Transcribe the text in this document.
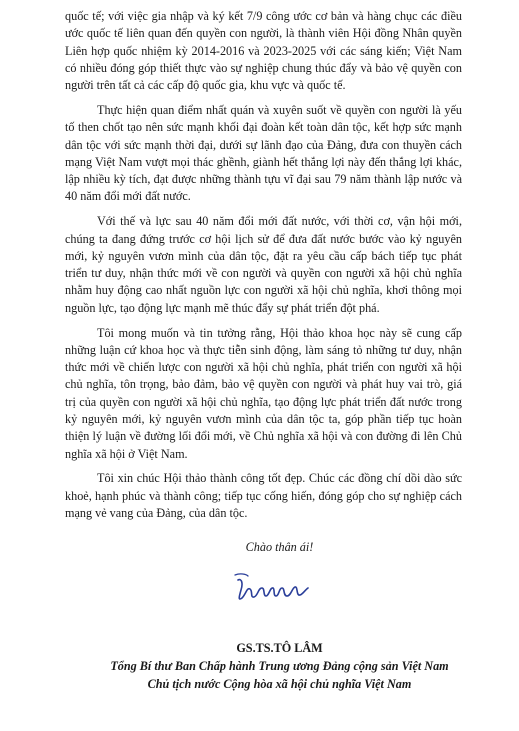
quốc tế; với việc gia nhập và ký kết 7/9 công ước cơ bản và hàng chục các điều ước quốc tế liên quan đến quyền con người, là thành viên Hội đồng Nhân quyền Liên hợp quốc nhiệm kỳ 2014-2016 và 2023-2025 với các sáng kiến; Việt Nam có nhiều đóng góp thiết thực vào sự nghiệp chung thúc đẩy và bảo vệ quyền con người trên tất cả các cấp độ quốc gia, khu vực và quốc tế.

Thực hiện quan điểm nhất quán và xuyên suốt về quyền con người là yếu tố then chốt tạo nên sức mạnh khối đại đoàn kết toàn dân tộc, kết hợp sức mạnh dân tộc với sức mạnh thời đại, dưới sự lãnh đạo của Đảng, đưa con thuyền cách mạng Việt Nam vượt mọi thác ghềnh, giành hết thắng lợi này đến thắng lợi khác, lập nhiều kỳ tích, đạt được những thành tựu vĩ đại sau 79 năm thành lập nước và 40 năm đổi mới đất nước.

Với thế và lực sau 40 năm đổi mới đất nước, với thời cơ, vận hội mới, chúng ta đang đứng trước cơ hội lịch sử để đưa đất nước bước vào kỷ nguyên mới, kỷ nguyên vươn mình của dân tộc, đặt ra yêu cầu cấp bách tiếp tục phát triển tư duy, nhận thức mới về con người và quyền con người xã hội chủ nghĩa nhằm huy động cao nhất nguồn lực con người xã hội chủ nghĩa, khơi thông mọi nguồn lực, tạo động lực mạnh mẽ thúc đẩy sự phát triển đột phá.

Tôi mong muốn và tin tưởng rằng, Hội thảo khoa học này sẽ cung cấp những luận cứ khoa học và thực tiễn sinh động, làm sáng tỏ những tư duy, nhận thức mới về chiến lược con người xã hội chủ nghĩa, phát triển con người xã hội chủ nghĩa, tôn trọng, bảo đảm, bảo vệ quyền con người và phát huy vai trò, giá trị của quyền con người xã hội chủ nghĩa, tạo động lực phát triển đất nước trong kỷ nguyên mới, kỷ nguyên vươn mình của dân tộc ta, góp phần tiếp tục hoàn thiện lý luận về đường lối đổi mới, về Chủ nghĩa xã hội và con đường đi lên Chủ nghĩa xã hội ở Việt Nam.

Tôi xin chúc Hội thảo thành công tốt đẹp. Chúc các đồng chí dồi dào sức khoẻ, hạnh phúc và thành công; tiếp tục cống hiến, đóng góp cho sự nghiệp cách mạng vẻ vang của Đảng, của dân tộc.

Chào thân ái!
GS.TS.TÔ LÂM
Tổng Bí thư Ban Chấp hành Trung ương Đảng cộng sản Việt Nam
Chủ tịch nước Cộng hòa xã hội chủ nghĩa Việt Nam
